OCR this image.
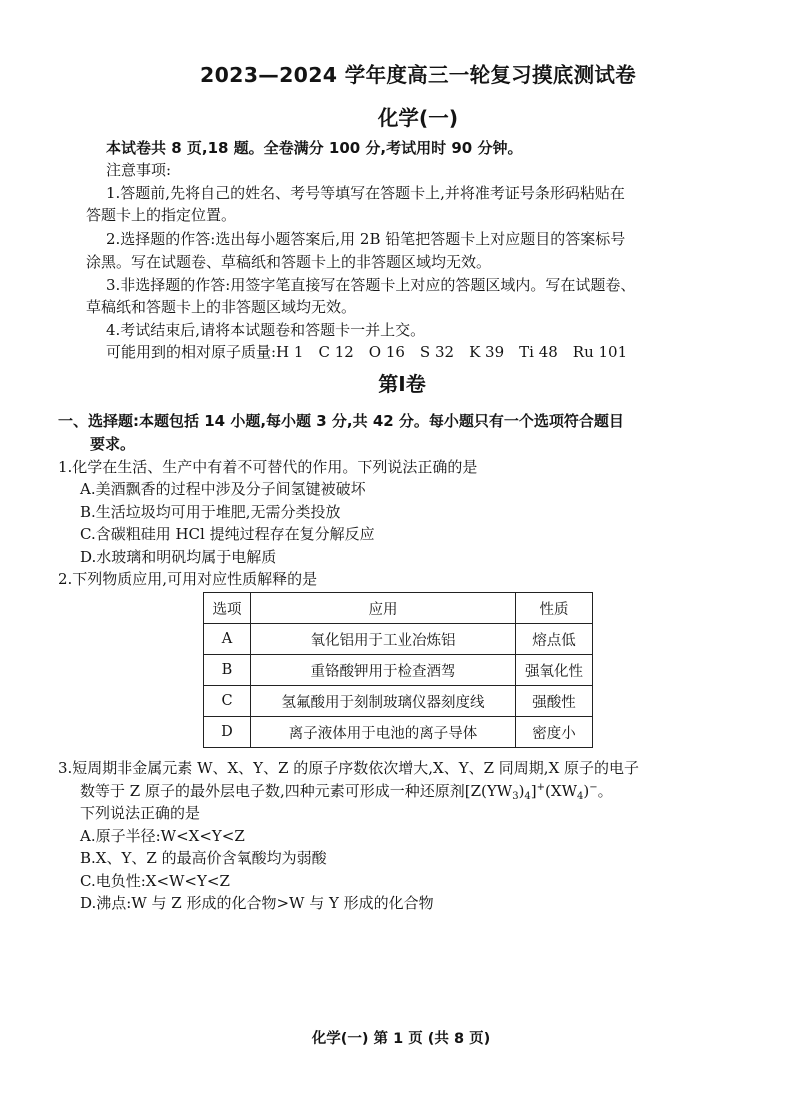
2023—2024 学年度高三一轮复习摸底测试卷
化学(一)
本试卷共 8 页,18 题。全卷满分 100 分,考试用时 90 分钟。
注意事项:
1.答题前,先将自己的姓名、考号等填写在答题卡上,并将准考证号条形码粘贴在
答题卡上的指定位置。
2.选择题的作答:选出每小题答案后,用 2B 铅笔把答题卡上对应题目的答案标号
涂黑。写在试题卷、草稿纸和答题卡上的非答题区域均无效。
3.非选择题的作答:用签字笔直接写在答题卡上对应的答题区域内。写在试题卷、
草稿纸和答题卡上的非答题区域均无效。
4.考试结束后,请将本试题卷和答题卡一并上交。
可能用到的相对原子质量:H 1　C 12　O 16　S 32　K 39　Ti 48　Ru 101
第Ⅰ卷
一、选择题:本题包括 14 小题,每小题 3 分,共 42 分。每小题只有一个选项符合题目
要求。
1.化学在生活、生产中有着不可替代的作用。下列说法正确的是
A.美酒飘香的过程中涉及分子间氢键被破坏
B.生活垃圾均可用于堆肥,无需分类投放
C.含碳粗硅用 HCl 提纯过程存在复分解反应
D.水玻璃和明矾均属于电解质
2.下列物质应用,可用对应性质解释的是
选项	应用	性质
A	氧化铝用于工业冶炼铝	熔点低
B	重铬酸钾用于检查酒驾	强氧化性
C	氢氟酸用于刻制玻璃仪器刻度线	强酸性
D	离子液体用于电池的离子导体	密度小
3.短周期非金属元素 W、X、Y、Z 的原子序数依次增大,X、Y、Z 同周期,X 原子的电子
数等于 Z 原子的最外层电子数,四种元素可形成一种还原剂$[Z(YW_3)_4]^+(XW_4)^-$。
下列说法正确的是
A.原子半径:W<X<Y<Z
B.X、Y、Z 的最高价含氧酸均为弱酸
C.电负性:X<W<Y<Z
D.沸点:W 与 Z 形成的化合物>W 与 Y 形成的化合物
化学(一) 第 1 页 (共 8 页)
